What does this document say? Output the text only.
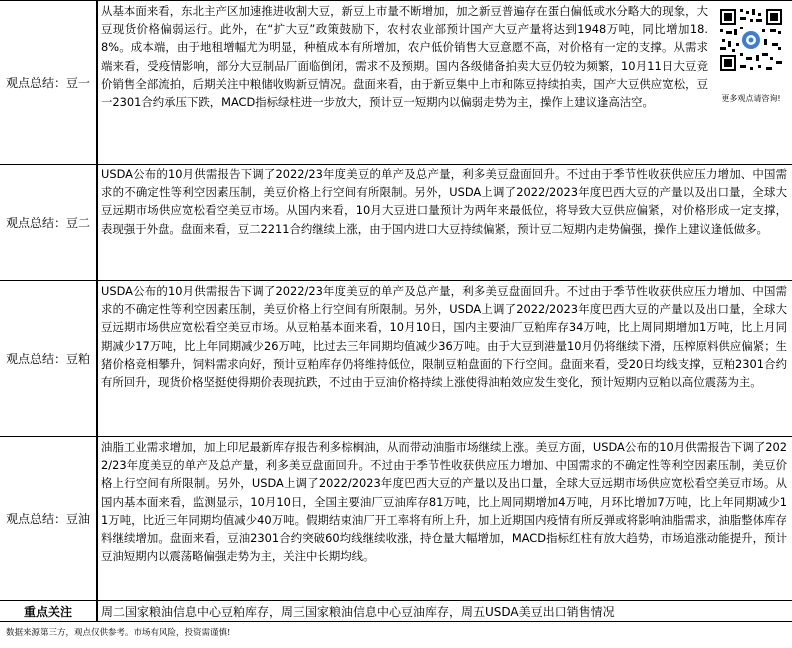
观点总结：豆一
从基本面来看，东北主产区加速推进收割大豆，新豆上市量不断增加，加之新豆普遍存在蛋白偏低或水分略大的现象，大豆现货价格偏弱运行。此外，在“扩大豆”政策鼓励下，农村农业部预计国产大豆产量将达到1948万吨，同比增加18.8%。成本端，由于地租增幅尤为明显，种植成本有所增加，农户低价销售大豆意愿不高，对价格有一定的支撑。从需求端来看，受疫情影响，部分大豆制品厂面临倒闭，需求不及预期。国内各级储备拍卖大豆仍较为频繁，10月11日大豆竞价销售全部流拍，后期关注中粮储收购新豆情况。盘面来看，由于新豆集中上市和陈豆持续拍卖，国产大豆供应宽松，豆一2301合约承压下跌，MACD指标绿柱进一步放大，预计豆一短期内以偏弱走势为主，操作上建议逢高沽空。	更多观点请咨询!
观点总结：豆二
USDA公布的10月供需报告下调了2022/23年度美豆的单产及总产量，利多美豆盘面回升。不过由于季节性收获供应压力增加、中国需求的不确定性等利空因素压制，美豆价格上行空间有所限制。另外，USDA上调了2022/2023年度巴西大豆的产量以及出口量，全球大豆远期市场供应宽松看空美豆市场。从国内来看，10月大豆进口量预计为两年来最低位，将导致大豆供应偏紧，对价格形成一定支撑，表现强于外盘。盘面来看，豆二2211合约继续上涨，由于国内进口大豆持续偏紧，预计豆二短期内走势偏强，操作上建议逢低做多。
观点总结：豆粕
USDA公布的10月供需报告下调了2022/23年度美豆的单产及总产量，利多美豆盘面回升。不过由于季节性收获供应压力增加、中国需求的不确定性等利空因素压制，美豆价格上行空间有所限制。另外，USDA上调了2022/2023年度巴西大豆的产量以及出口量，全球大豆远期市场供应宽松看空美豆市场。从豆粕基本面来看，10月10日，国内主要油厂豆粕库存34万吨，比上周同期增加1万吨，比上月同期减少17万吨，比上年同期减少26万吨，比过去三年同期均值减少36万吨。由于大豆到港量10月仍将继续下滑，压榨原料供应偏紧；生猪价格竞相攀升，饲料需求向好，预计豆粕库存仍将维持低位，限制豆粕盘面的下行空间。盘面来看，受20日均线支撑，豆粕2301合约有所回升，现货价格坚挺使得期价表现抗跌，不过由于豆油价格持续上涨使得油粕效应发生变化，预计短期内豆粕以高位震荡为主。
观点总结：豆油
油脂工业需求增加，加上印尼最新库存报告利多棕榈油，从而带动油脂市场继续上涨。美豆方面，USDA公布的10月供需报告下调了2022/23年度美豆的单产及总产量，利多美豆盘面回升。不过由于季节性收获供应压力增加、中国需求的不确定性等利空因素压制，美豆价格上行空间有所限制。另外，USDA上调了2022/2023年度巴西大豆的产量以及出口量，全球大豆远期市场供应宽松看空美豆市场。从国内基本面来看，监测显示，10月10日，全国主要油厂豆油库存81万吨，比上周同期增加4万吨，月环比增加7万吨，比上年同期减少11万吨，比近三年同期均值减少40万吨。假期结束油厂开工率将有所上升，加上近期国内疫情有所反弹或将影响油脂需求，油脂整体库存料继续增加。盘面来看，豆油2301合约突破60均线继续收涨，持仓量大幅增加，MACD指标红柱有放大趋势，市场追涨动能提升，预计豆油短期内以震荡略偏强走势为主，关注中长期均线。
重点关注	周二国家粮油信息中心豆粕库存，周三国家粮油信息中心豆油库存，周五USDA美豆出口销售情况
数据来源第三方，观点仅供参考。市场有风险，投资需谨慎!
